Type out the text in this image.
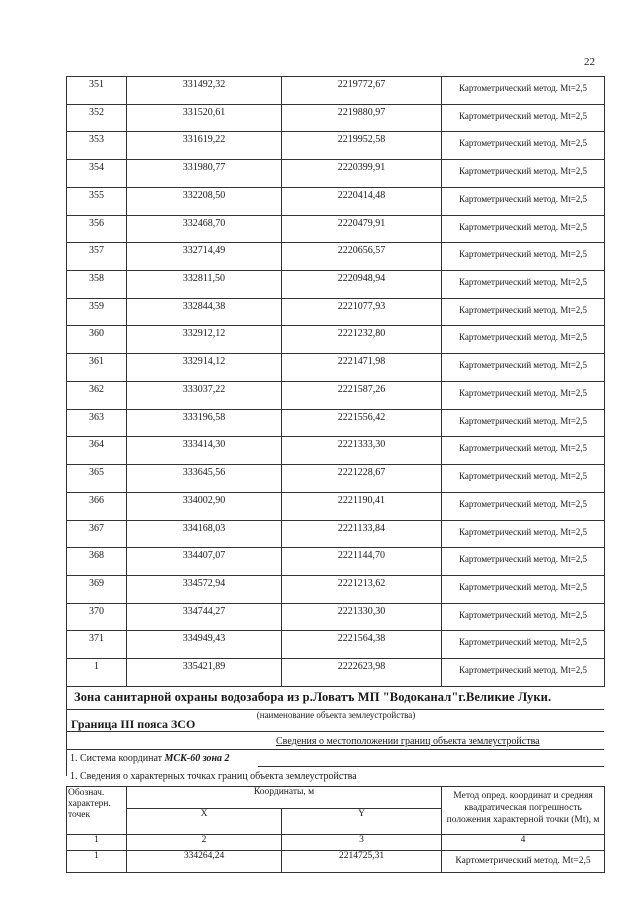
22
351	331492,32	2219772,67	Картометрический метод. Mt=2,5
352	331520,61	2219880,97	Картометрический метод. Mt=2,5
353	331619,22	2219952,58	Картометрический метод. Mt=2,5
354	331980,77	2220399,91	Картометрический метод. Mt=2,5
355	332208,50	2220414,48	Картометрический метод. Mt=2,5
356	332468,70	2220479,91	Картометрический метод. Mt=2,5
357	332714,49	2220656,57	Картометрический метод. Mt=2,5
358	332811,50	2220948,94	Картометрический метод. Mt=2,5
359	332844,38	2221077,93	Картометрический метод. Mt=2,5
360	332912,12	2221232,80	Картометрический метод. Mt=2,5
361	332914,12	2221471,98	Картометрический метод. Mt=2,5
362	333037,22	2221587,26	Картометрический метод. Mt=2,5
363	333196,58	2221556,42	Картометрический метод. Mt=2,5
364	333414,30	2221333,30	Картометрический метод. Mt=2,5
365	333645,56	2221228,67	Картометрический метод. Mt=2,5
366	334002,90	2221190,41	Картометрический метод. Mt=2,5
367	334168,03	2221133,84	Картометрический метод. Mt=2,5
368	334407,07	2221144,70	Картометрический метод. Mt=2,5
369	334572,94	2221213,62	Картометрический метод. Mt=2,5
370	334744,27	2221330,30	Картометрический метод. Mt=2,5
371	334949,43	2221564,38	Картометрический метод. Mt=2,5
1	335421,89	2222623,98	Картометрический метод. Mt=2,5
Зона санитарной охраны водозабора из р.Ловатъ МП "Водоканал"г.Великие Луки.
(наименование объекта землеустройства)
Граница III пояса ЗСО
Сведения о местоположении границ объекта землеустройства
1. Система координат МСК-60 зона 2
1. Сведения о характерных точках границ объекта землеустройства
Обознач. характерн. точек	Координаты, м		Метод опред. координат и средняя квадратическая погрешность положения характерной точки (Mt), м
	X	Y	
1	2	3	4
1	334264,24	2214725,31	Картометрический метод. Mt=2,5
